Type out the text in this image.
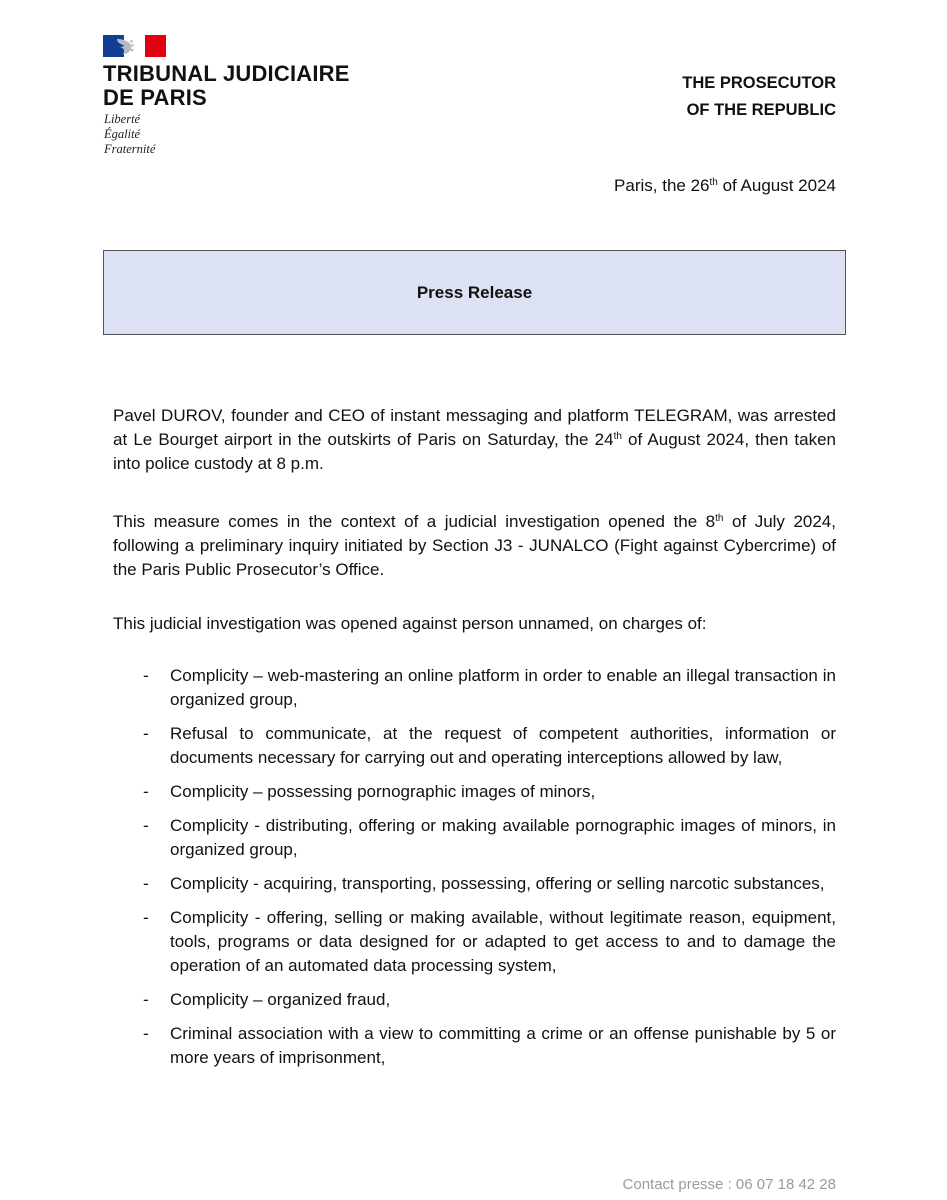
TRIBUNAL JUDICIAIRE
DE PARIS
Liberté
Égalité
Fraternité
THE PROSECUTOR
OF THE REPUBLIC
Paris, the 26th of August 2024
Press Release
Pavel DUROV, founder and CEO of instant messaging and platform TELEGRAM, was arrested at Le Bourget airport in the outskirts of Paris on Saturday, the 24th of August 2024, then taken into police custody at 8 p.m.
This measure comes in the context of a judicial investigation opened the 8th of July 2024, following a preliminary inquiry initiated by Section J3 - JUNALCO (Fight against Cybercrime) of the Paris Public Prosecutor’s Office.
This judicial investigation was opened against person unnamed, on charges of:
- Complicity – web-mastering an online platform in order to enable an illegal transaction in organized group,
- Refusal to communicate, at the request of competent authorities, information or documents necessary for carrying out and operating interceptions allowed by law,
- Complicity – possessing pornographic images of minors,
- Complicity - distributing, offering or making available pornographic images of minors, in organized group,
- Complicity - acquiring, transporting, possessing, offering or selling narcotic substances,
- Complicity - offering, selling or making available, without legitimate reason, equipment, tools, programs or data designed for or adapted to get access to and to damage the operation of an automated data processing system,
- Complicity – organized fraud,
- Criminal association with a view to committing a crime or an offense punishable by 5 or more years of imprisonment,
Contact presse : 06 07 18 42 28
